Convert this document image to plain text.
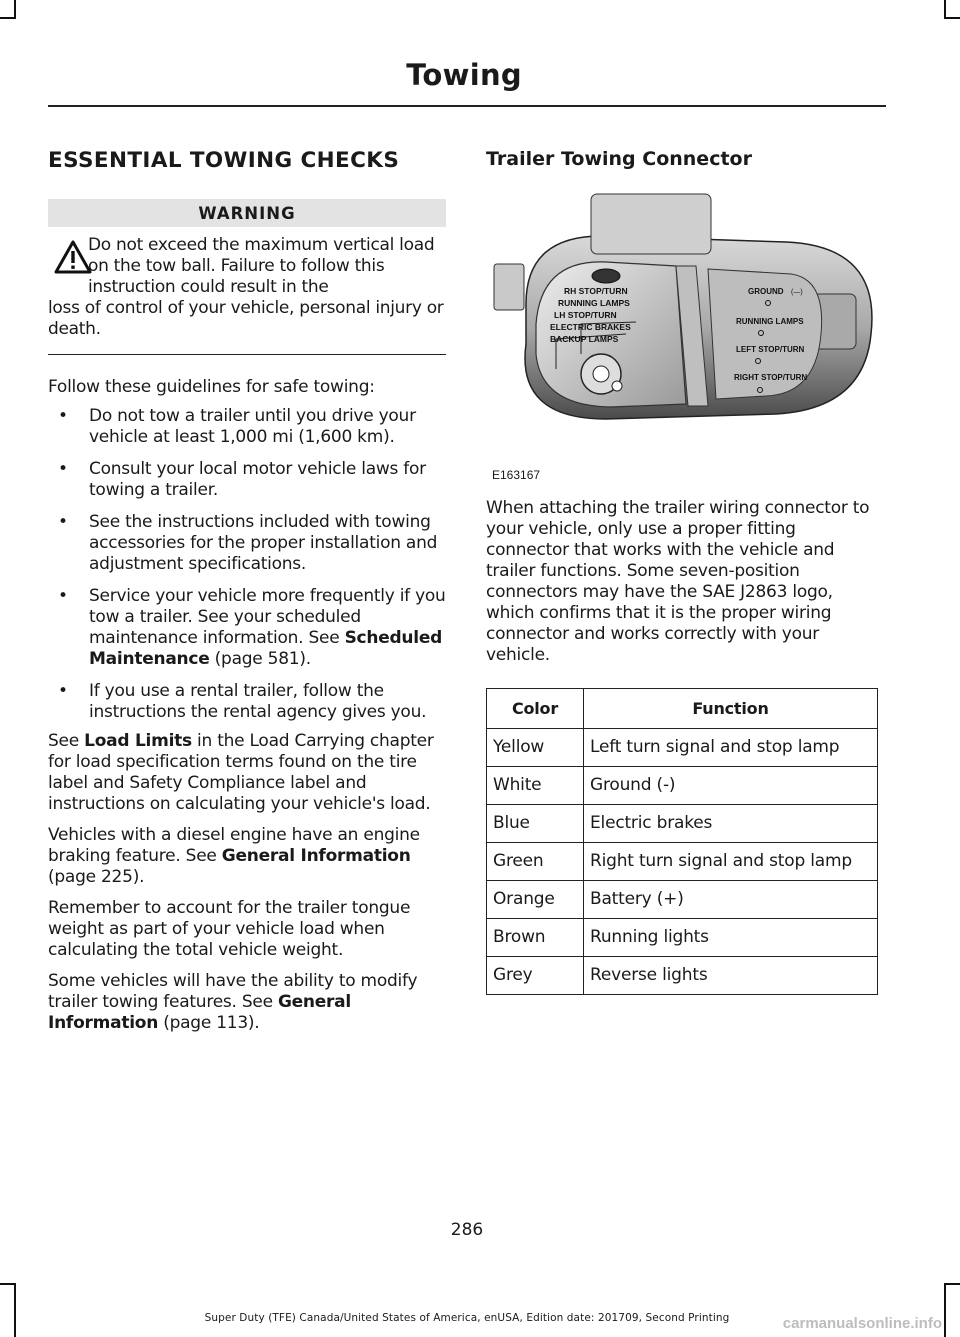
Towing
ESSENTIAL TOWING CHECKS
WARNING
Do not exceed the maximum vertical load on the tow ball. Failure to follow this instruction could result in the
loss of control of your vehicle, personal injury or death.

Follow these guidelines for safe towing:

• Do not tow a trailer until you drive your vehicle at least 1,000 mi (1,600 km).
• Consult your local motor vehicle laws for towing a trailer.
• See the instructions included with towing accessories for the proper installation and adjustment specifications.
• Service your vehicle more frequently if you tow a trailer. See your scheduled maintenance information. See Scheduled Maintenance (page 581).
• If you use a rental trailer, follow the instructions the rental agency gives you.

See Load Limits in the Load Carrying chapter for load specification terms found on the tire label and Safety Compliance label and instructions on calculating your vehicle's load.

Vehicles with a diesel engine have an engine braking feature. See General Information (page 225).

Remember to account for the trailer tongue weight as part of your vehicle load when calculating the total vehicle weight.

Some vehicles will have the ability to modify trailer towing features. See General Information (page 113).

Trailer Towing Connector
RH STOP/TURN
RUNNING LAMPS
LH STOP/TURN
ELECTRIC BRAKES
BACKUP LAMPS
GROUND (—)
RUNNING LAMPS
LEFT STOP/TURN
RIGHT STOP/TURN
E163167

When attaching the trailer wiring connector to your vehicle, only use a proper fitting connector that works with the vehicle and trailer functions. Some seven-position connectors may have the SAE J2863 logo, which confirms that it is the proper wiring connector and works correctly with your vehicle.

Color	Function
Yellow	Left turn signal and stop lamp
White	Ground (-)
Blue	Electric brakes
Green	Right turn signal and stop lamp
Orange	Battery (+)
Brown	Running lights
Grey	Reverse lights
286
Super Duty (TFE) Canada/United States of America, enUSA, Edition date: 201709, Second Printing	carmanualsonline.info
